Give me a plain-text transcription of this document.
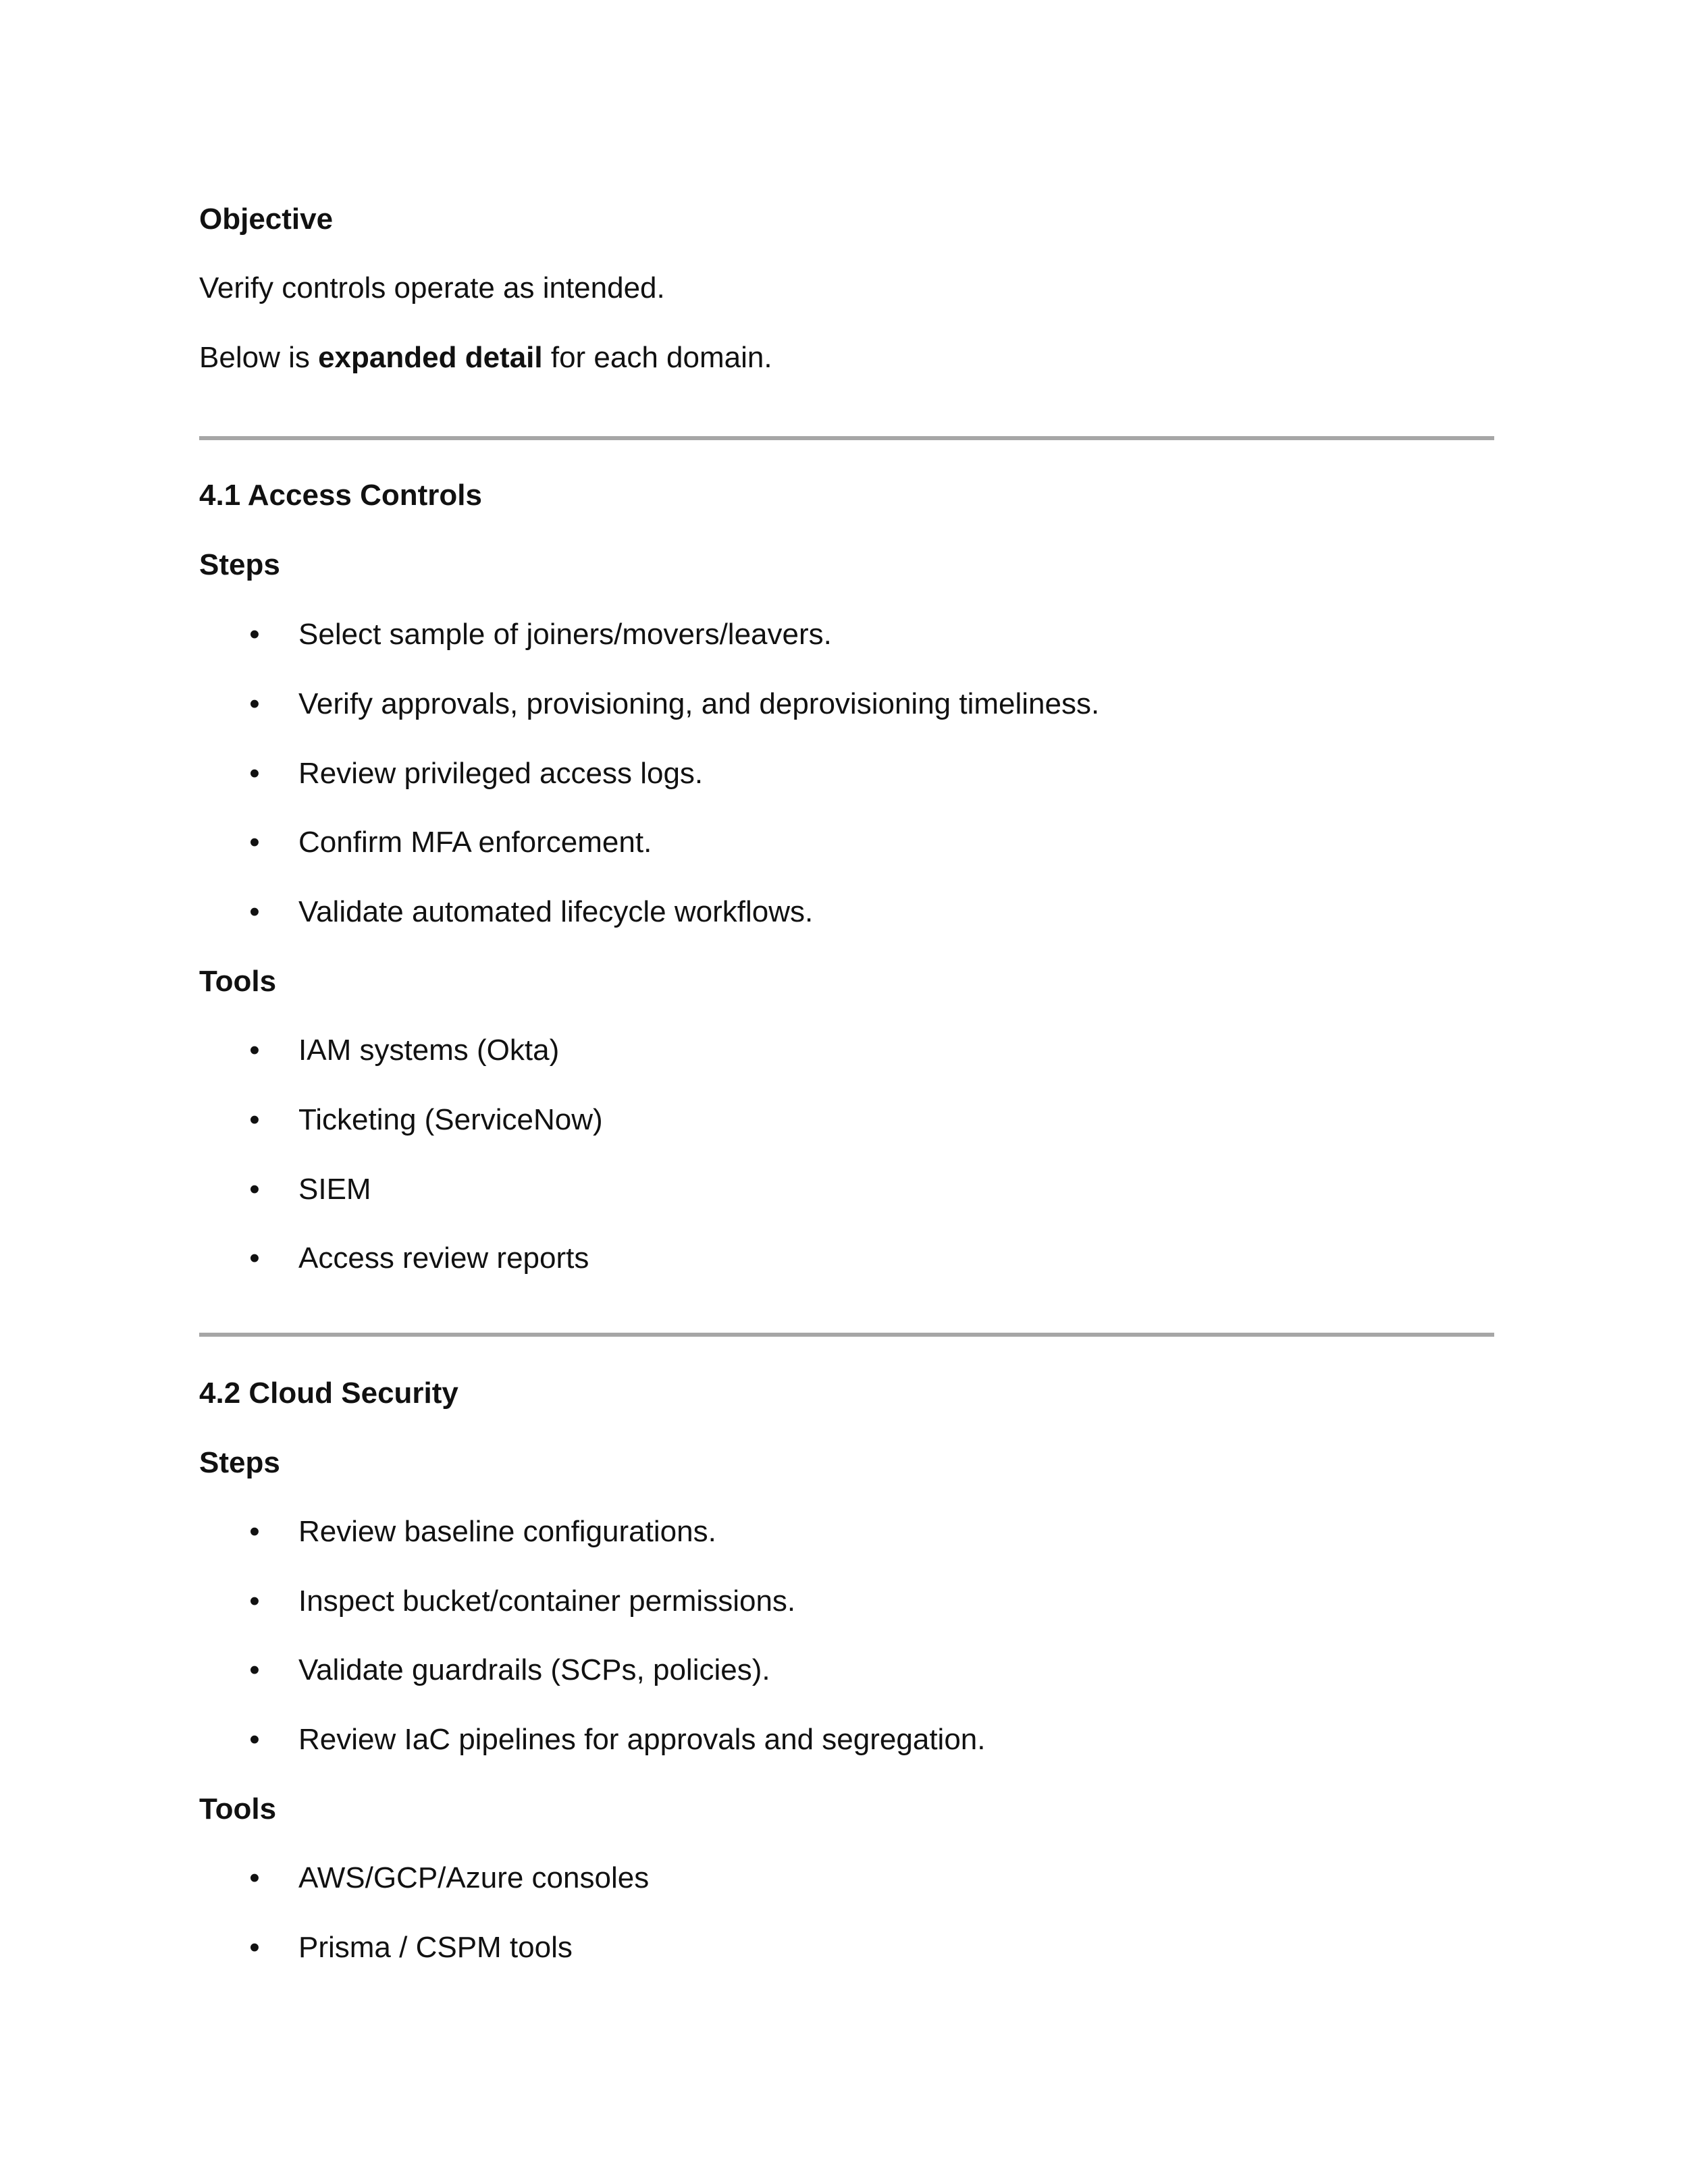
Objective
Verify controls operate as intended.
Below is expanded detail for each domain.
4.1 Access Controls
Steps
• Select sample of joiners/movers/leavers.
• Verify approvals, provisioning, and deprovisioning timeliness.
• Review privileged access logs.
• Confirm MFA enforcement.
• Validate automated lifecycle workflows.
Tools
• IAM systems (Okta)
• Ticketing (ServiceNow)
• SIEM
• Access review reports
4.2 Cloud Security
Steps
• Review baseline configurations.
• Inspect bucket/container permissions.
• Validate guardrails (SCPs, policies).
• Review IaC pipelines for approvals and segregation.
Tools
• AWS/GCP/Azure consoles
• Prisma / CSPM tools
